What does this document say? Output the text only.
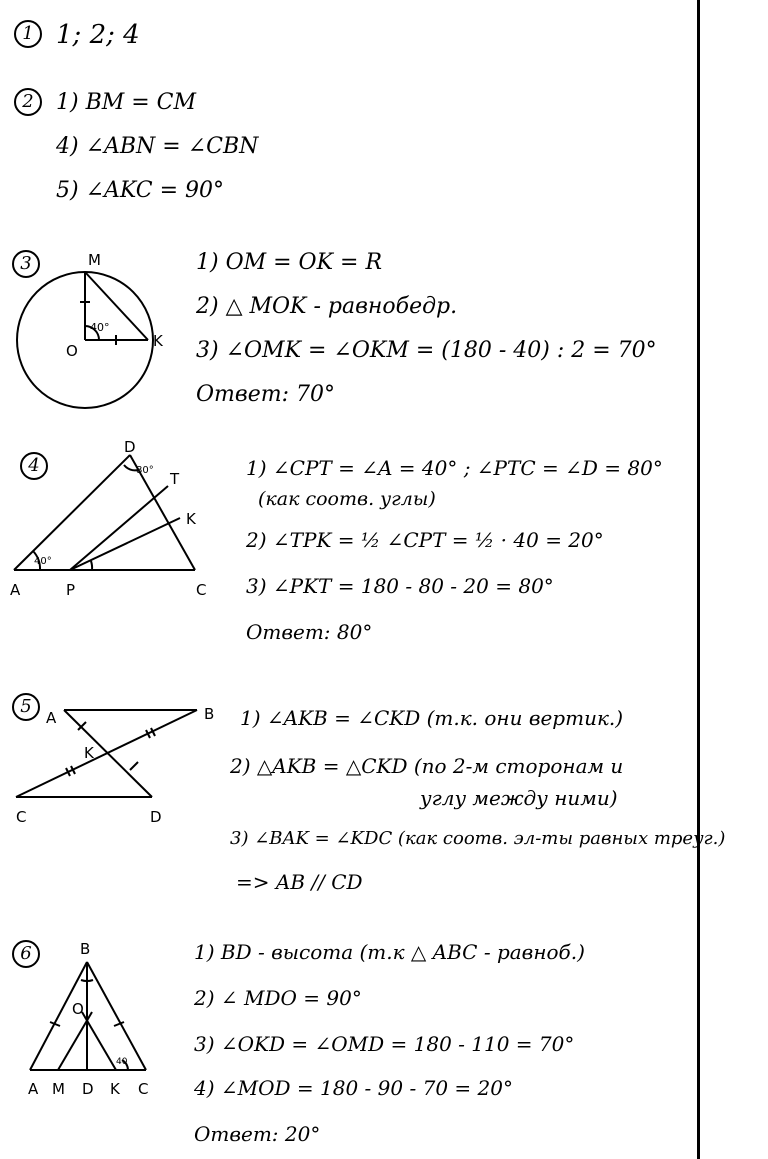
1 1; 2; 4
2	1) BM = CM
4) ∠ABN = ∠CBN
5) ∠AKC = 90°
3	M
O
K
40°
1) OM = OK = R
2) △ MOK - равнобедр.
3) ∠OMK = ∠OKM = (180 - 40) : 2 = 70°
Ответ: 70°
4
A	P	C
D
T
K
40°
80°	1) ∠CPT = ∠A = 40° ; ∠PTC = ∠D = 80°
(как соотв. углы)
2) ∠TPK = ½ ∠CPT = ½ · 40 = 20°
3) ∠PKT = 180 - 80 - 20 = 80°
Ответ: 80°
5
A	B
K
C	D
1) ∠AKB = ∠CKD (т.к. они вертик.)
2) △AKB = △CKD (по 2-м сторонам и
углу между ними)
3) ∠BAK = ∠KDC (как соотв. эл-ты равных треуг.)
=> AB // CD
6	B
O
A M D K C
40
1) BD - высота (т.к △ ABC - равноб.)
2) ∠ MDO = 90°
3) ∠OKD = ∠OMD = 180 - 110 = 70°
4) ∠MOD = 180 - 90 - 70 = 20°
Ответ: 20°
